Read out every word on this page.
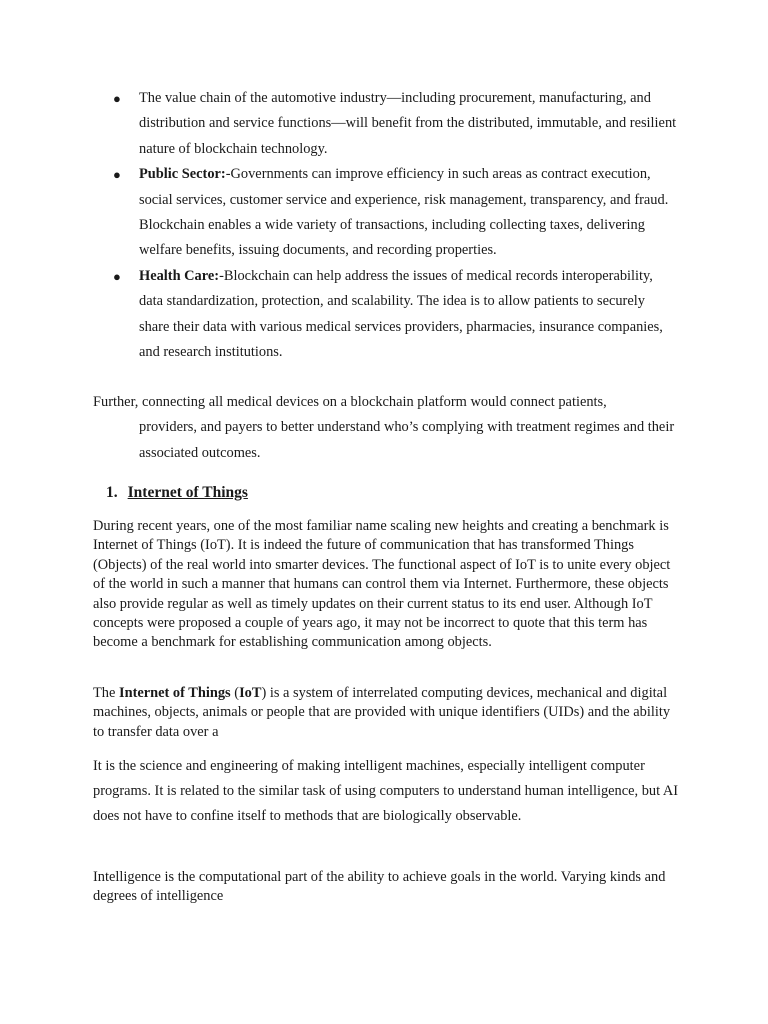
● The value chain of the automotive industry—including procurement, manufacturing, and distribution and service functions—will benefit from the distributed, immutable, and resilient nature of blockchain technology.
● Public Sector:-Governments can improve efficiency in such areas as contract execution, social services, customer service and experience, risk management, transparency, and fraud. Blockchain enables a wide variety of transactions, including collecting taxes, delivering welfare benefits, issuing documents, and recording properties.
● Health Care:-Blockchain can help address the issues of medical records interoperability, data standardization, protection, and scalability. The idea is to allow patients to securely share their data with various medical services providers, pharmacies, insurance companies, and research institutions.

Further, connecting all medical devices on a blockchain platform would connect patients,
providers, and payers to better understand who’s complying with treatment regimes and their associated outcomes.

1. Internet of Things

During recent years, one of the most familiar name scaling new heights and creating a benchmark is Internet of Things (IoT). It is indeed the future of communication that has transformed Things (Objects) of the real world into smarter devices. The functional aspect of IoT is to unite every object of the world in such a manner that humans can control them via Internet. Furthermore, these objects also provide regular as well as timely updates on their current status to its end user. Although IoT concepts were proposed a couple of years ago, it may not be incorrect to quote that this term has become a benchmark for establishing communication among objects.

The Internet of Things (IoT) is a system of interrelated computing devices, mechanical and digital machines, objects, animals or people that are provided with unique identifiers (UIDs) and the ability to transfer data over a

It is the science and engineering of making intelligent machines, especially intelligent computer programs. It is related to the similar task of using computers to understand human intelligence, but AI does not have to confine itself to methods that are biologically observable.

Intelligence is the computational part of the ability to achieve goals in the world. Varying kinds and degrees of intelligence
